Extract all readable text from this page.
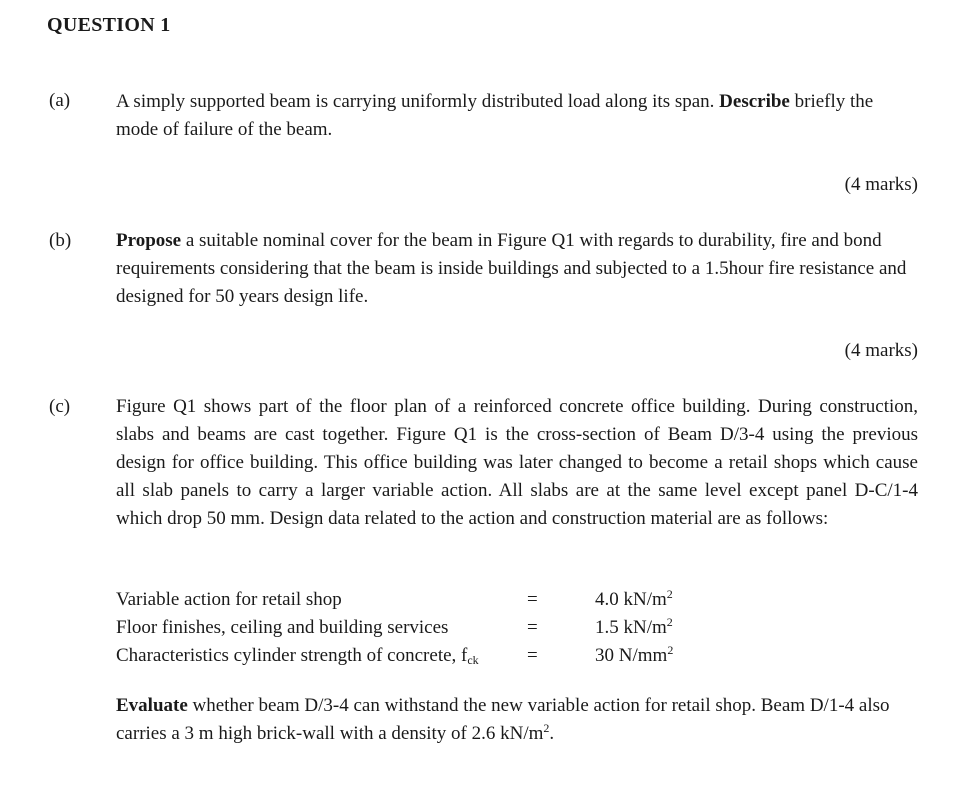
QUESTION 1
(a) A simply supported beam is carrying uniformly distributed load along its span. Describe briefly the mode of failure of the beam.
(4 marks)
(b) Propose a suitable nominal cover for the beam in Figure Q1 with regards to durability, fire and bond requirements considering that the beam is inside buildings and subjected to a 1.5hour fire resistance and designed for 50 years design life.
(4 marks)
(c) Figure Q1 shows part of the floor plan of a reinforced concrete office building. During construction, slabs and beams are cast together. Figure Q1 is the cross-section of Beam D/3-4 using the previous design for office building. This office building was later changed to become a retail shops which cause all slab panels to carry a larger variable action. All slabs are at the same level except panel D-C/1-4 which drop 50 mm. Design data related to the action and construction material are as follows:
Variable action for retail shop	=	4.0 $kN/m^2$
Floor finishes, ceiling and building services	=	1.5 $kN/m^2$
Characteristics cylinder strength of concrete, $f_{ck}$	=	30 $N/mm^2$
Evaluate whether beam D/3-4 can withstand the new variable action for retail shop. Beam D/1-4 also carries a 3 m high brick-wall with a density of 2.6 $kN/m^2$.
